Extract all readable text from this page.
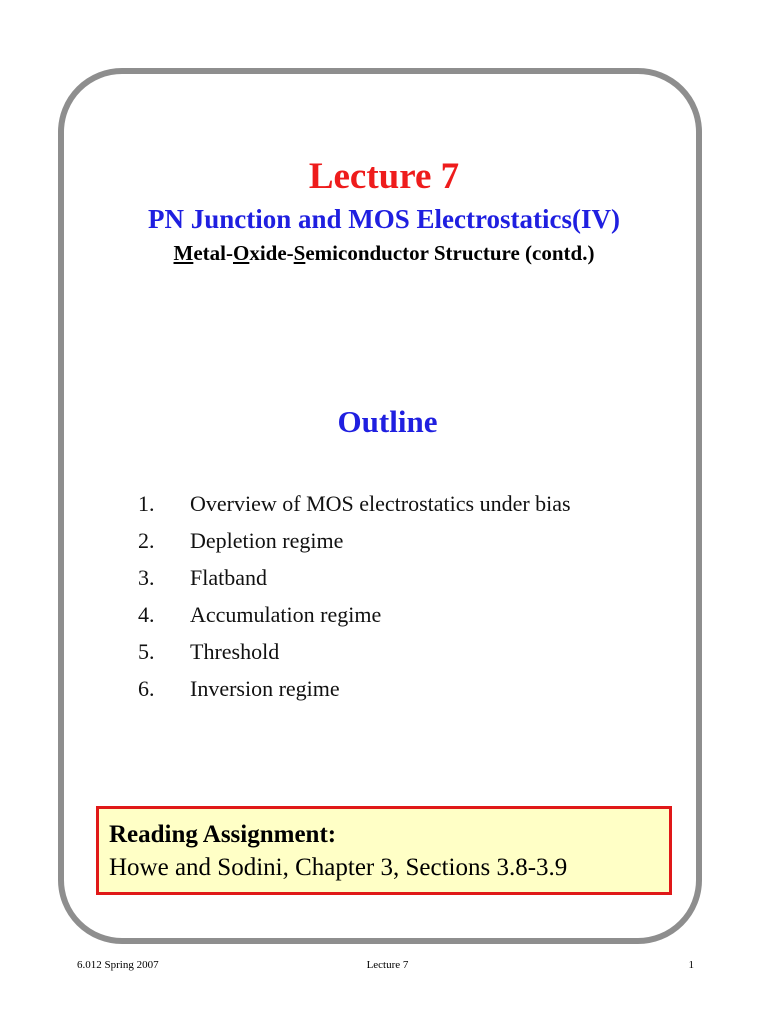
Lecture 7
PN Junction and MOS Electrostatics(IV)
Metal-Oxide-Semiconductor Structure (contd.)
Outline
1. Overview of MOS electrostatics under bias
2. Depletion regime
3. Flatband
4. Accumulation regime
5. Threshold
6. Inversion regime
Reading Assignment:
Howe and Sodini, Chapter 3, Sections 3.8-3.9
6.012 Spring 2007	Lecture 7	1
